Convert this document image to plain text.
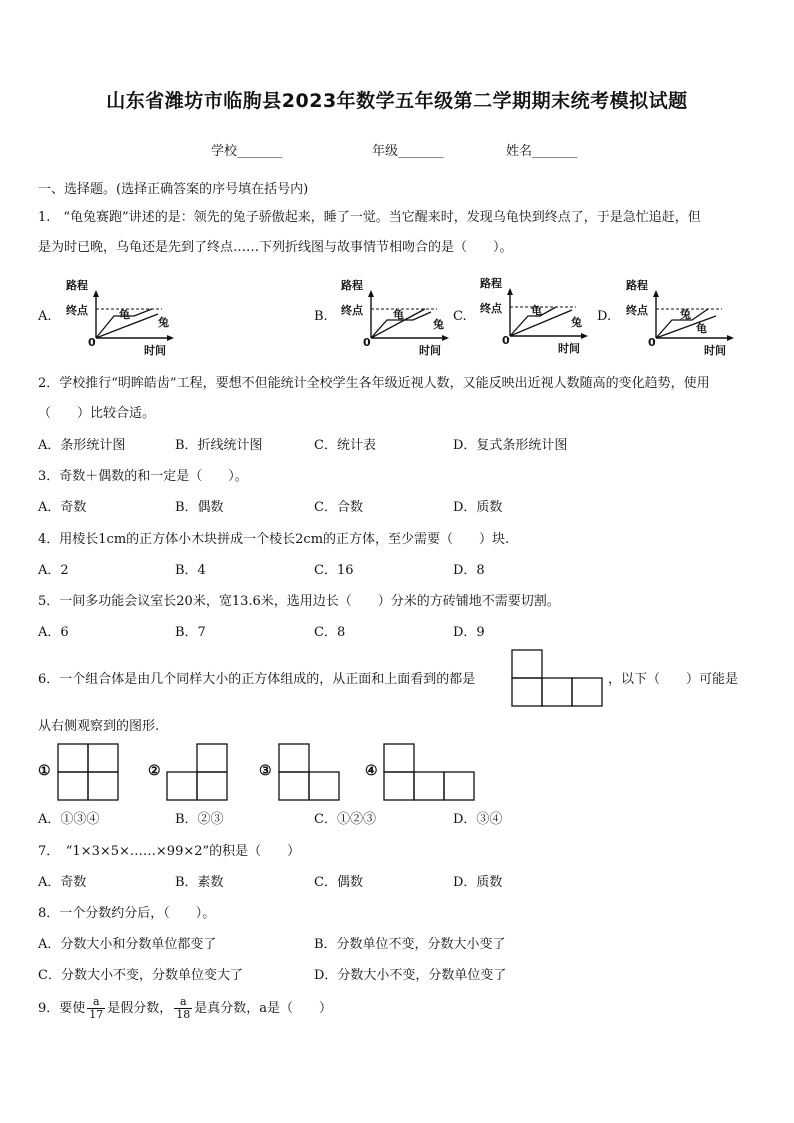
山东省潍坊市临朐县2023年数学五年级第二学期期末统考模拟试题
学校_______	年级_______	姓名_______
一、选择题。(选择正确答案的序号填在括号内)
1.　“龟兔赛跑”讲述的是：领先的兔子骄傲起来，睡了一觉。当它醒来时，发现乌龟快到终点了，于是急忙追赶，但
是为时已晚，乌龟还是先到了终点……下列折线图与故事情节相吻合的是（　　）。
A.	B.	C.	D.
路程
终点
0
时间
龟
兔
路程
终点
0
时间
龟
兔
路程
终点
0
时间
龟
兔
路程
终点
0
时间
兔
龟
2．学校推行“明眸皓齿”工程，要想不但能统计全校学生各年级近视人数，又能反映出近视人数随高的变化趋势，使用
（　　）比较合适。
A．条形统计图	B．折线统计图	C．统计表	D．复式条形统计图
3．奇数＋偶数的和一定是（　　）。
A．奇数	B．偶数	C．合数	D．质数
4．用棱长1cm的正方体小木块拼成一个棱长2cm的正方体，至少需要（　　）块.
A．2	B．4	C．16	D．8
5．一间多功能会议室长20米，宽13.6米，选用边长（　　）分米的方砖铺地不需要切割。
A．6	B．7	C．8	D．9
6．一个组合体是由几个同样大小的正方体组成的，从正面和上面看到的都是	，以下（　　）可能是
从右侧观察到的图形.
①	②	③	④
A．①③④	B．②③	C．①②③	D．③④
7．　“1×3×5×……×99×2”的积是（　　）
A．奇数	B．素数	C．偶数	D．质数
8．一个分数约分后，（　　）。
A．分数大小和分数单位都变了	B．分数单位不变，分数大小变了
C．分数大小不变，分数单位变大了	D．分数大小不变，分数单位变了
9．要使 $\frac{a}{17}$ 是假分数， $\frac{a}{18}$ 是真分数，a是（　　）
